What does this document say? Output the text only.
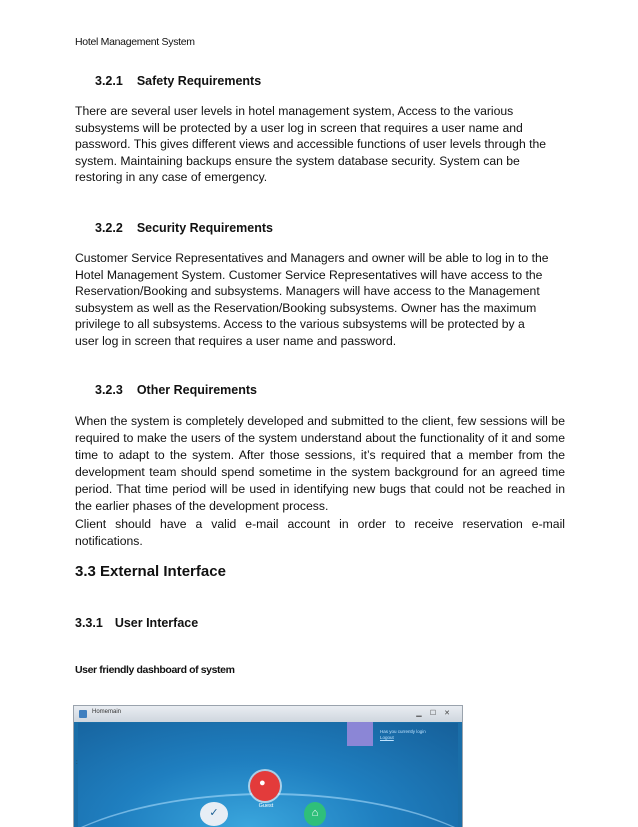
Hotel Management System
3.2.1 Safety Requirements

There are several user levels in hotel management system, Access to the various

subsystems will be protected by a user log in screen that requires a user name and

password. This gives different views and accessible functions of user levels through the

system. Maintaining backups ensure the system database security. System can be

restoring in any case of emergency.

3.2.2 Security Requirements

Customer Service Representatives and Managers and owner will be able to log in to the

Hotel Management System. Customer Service Representatives will have access to the

Reservation/Booking and subsystems. Managers will have access to the Management

subsystem as well as the Reservation/Booking subsystems. Owner has the maximum

privilege to all subsystems. Access to the various subsystems will be protected by a

user log in screen that requires a user name and password.

3.2.3 Other Requirements

When the system is completely developed and submitted to the client, few sessions will be required to make the users of the system understand about the functionality of it and some time to adapt to the system. After those sessions, it’s required that a member from the development team should spend sometime in the system background for an agreed time period. That time period will be used in identifying new bugs that could not be reached in the earlier phases of the development process.

Client should have a valid e-mail account in order to receive reservation e-mail notifications.

3.3 External Interface
3.3.1 User Interface
User friendly dashboard of system
Homemain	▁	☐ ✕
Has you currently login
Logout
●
Guest
✓	⌂
:
